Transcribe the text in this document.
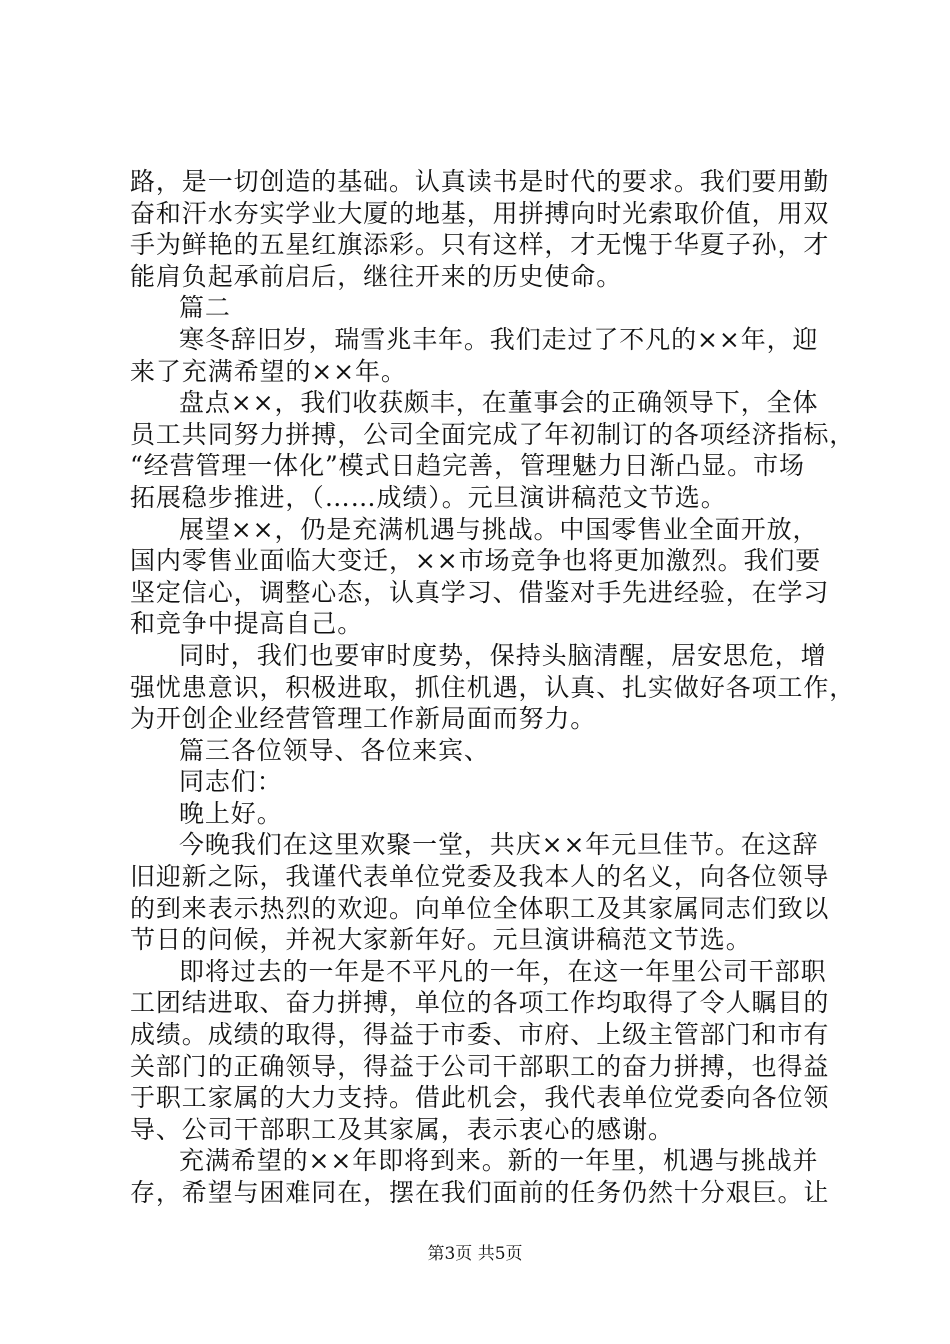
路，是一切创造的基础。认真读书是时代的要求。我们要用勤
奋和汗水夯实学业大厦的地基，用拼搏向时光索取价值，用双
手为鲜艳的五星红旗添彩。只有这样，才无愧于华夏子孙，才
能肩负起承前启后，继往开来的历史使命。
篇二
寒冬辞旧岁，瑞雪兆丰年。我们走过了不凡的××年，迎
来了充满希望的××年。
盘点××，我们收获颇丰，在董事会的正确领导下，全体
员工共同努力拼搏，公司全面完成了年初制订的各项经济指标，
“经营管理一体化”模式日趋完善，管理魅力日渐凸显。市场
拓展稳步推进，（……成绩）。元旦演讲稿范文节选。
展望××，仍是充满机遇与挑战。中国零售业全面开放，
国内零售业面临大变迁，××市场竞争也将更加激烈。我们要
坚定信心，调整心态，认真学习、借鉴对手先进经验，在学习
和竞争中提高自己。
同时，我们也要审时度势，保持头脑清醒，居安思危，增
强忧患意识，积极进取，抓住机遇，认真、扎实做好各项工作，
为开创企业经营管理工作新局面而努力。
篇三各位领导、各位来宾、
同志们：
晚上好。
今晚我们在这里欢聚一堂，共庆××年元旦佳节。在这辞
旧迎新之际，我谨代表单位党委及我本人的名义，向各位领导
的到来表示热烈的欢迎。向单位全体职工及其家属同志们致以
节日的问候，并祝大家新年好。元旦演讲稿范文节选。
即将过去的一年是不平凡的一年，在这一年里公司干部职
工团结进取、奋力拼搏，单位的各项工作均取得了令人瞩目的
成绩。成绩的取得，得益于市委、市府、上级主管部门和市有
关部门的正确领导，得益于公司干部职工的奋力拼搏，也得益
于职工家属的大力支持。借此机会，我代表单位党委向各位领
导、公司干部职工及其家属，表示衷心的感谢。
充满希望的××年即将到来。新的一年里，机遇与挑战并
存，希望与困难同在，摆在我们面前的任务仍然十分艰巨。让
第3页 共5页
